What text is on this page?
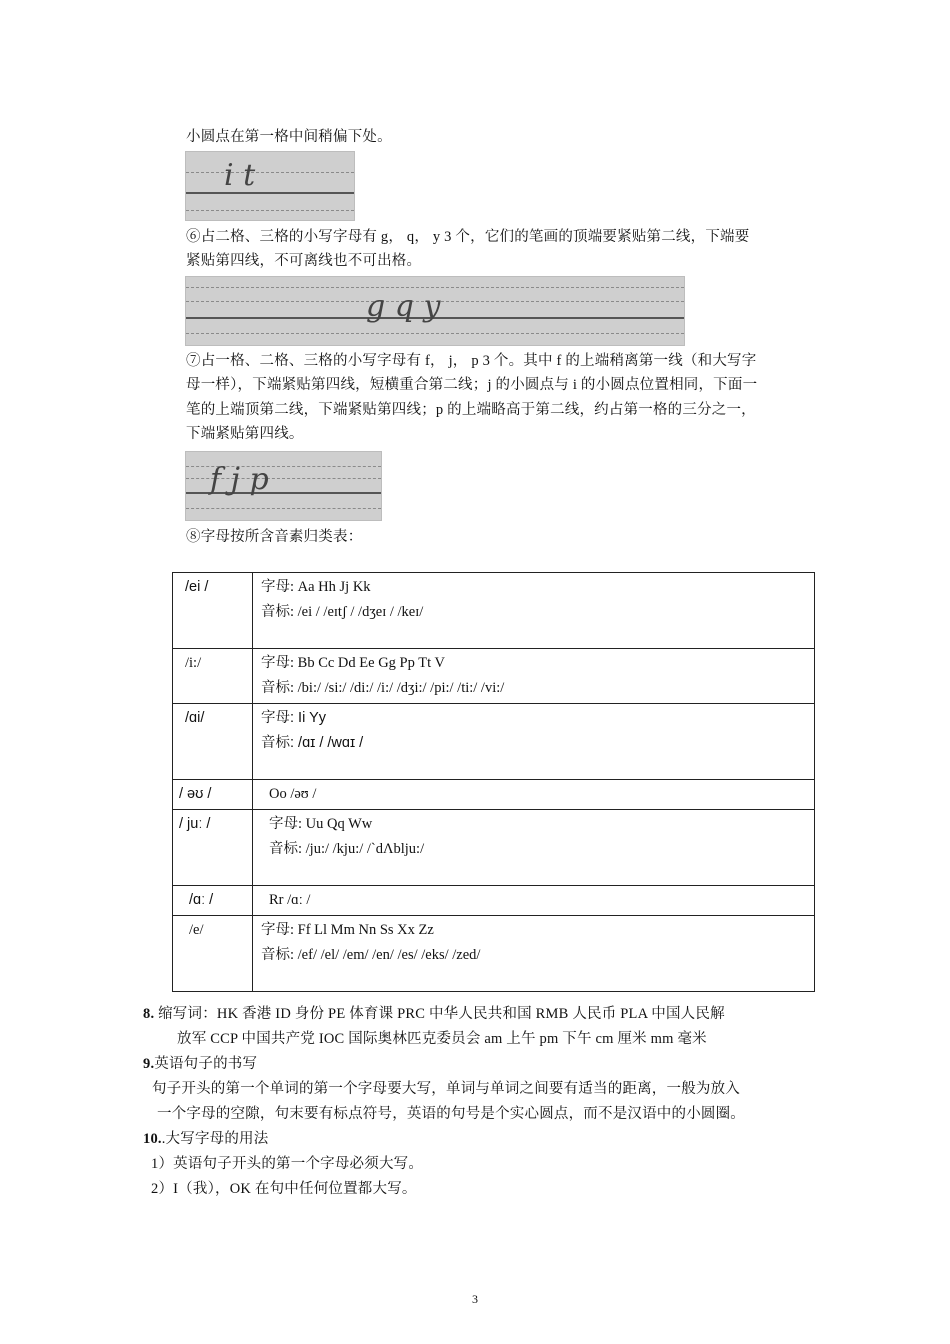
小圆点在第一格中间稍偏下处。
i t
⑥占二格、三格的小写字母有 g， q， y 3 个，它们的笔画的顶端要紧贴第二线，下端要
紧贴第四线，不可离线也不可出格。
g q y
⑦占一格、二格、三格的小写字母有 f， j， p 3 个。其中 f 的上端稍离第一线（和大写字
母一样），下端紧贴第四线，短横重合第二线；j 的小圆点与 i 的小圆点位置相同，下面一
笔的上端顶第二线，下端紧贴第四线；p 的上端略高于第二线，约占第一格的三分之一，
下端紧贴第四线。
f j p
⑧字母按所含音素归类表：
/ei /	字母: Aa Hh Jj Kk
音标: /ei / /eɪtʃ / /dʒeɪ / /keɪ/

/i:/	字母: Bb Cc Dd Ee Gg Pp Tt V
音标: /bi:/ /si:/ /di:/ /i:/ /dʒi:/ /pi:/ /ti:/ /vi:/

/ɑi/	字母: Ii Yy
音标: /ɑɪ / /wɑɪ /

/ əʊ /	Oo /əʊ /
/ juː /	字母: Uu Qq Ww
音标: /ju:/ /kju:/ /`dΛblju:/

/ɑː /	Rr /ɑː /
/e/	字母: Ff Ll Mm Nn Ss Xx Zz
音标: /ef/ /el/ /em/ /en/ /es/ /eks/ /zed/
8. 缩写词：HK 香港 ID 身份 PE 体育课 PRC 中华人民共和国 RMB 人民币 PLA 中国人民解
放军 CCP 中国共产党 IOC 国际奥林匹克委员会 am 上午 pm 下午 cm 厘米 mm 毫米
9.英语句子的书写
句子开头的第一个单词的第一个字母要大写，单词与单词之间要有适当的距离，一般为放入
一个字母的空隙，句末要有标点符号，英语的句号是个实心圆点，而不是汉语中的小圆圈。
10..大写字母的用法
1）英语句子开头的第一个字母必须大写。
2）I（我），OK 在句中任何位置都大写。
3
